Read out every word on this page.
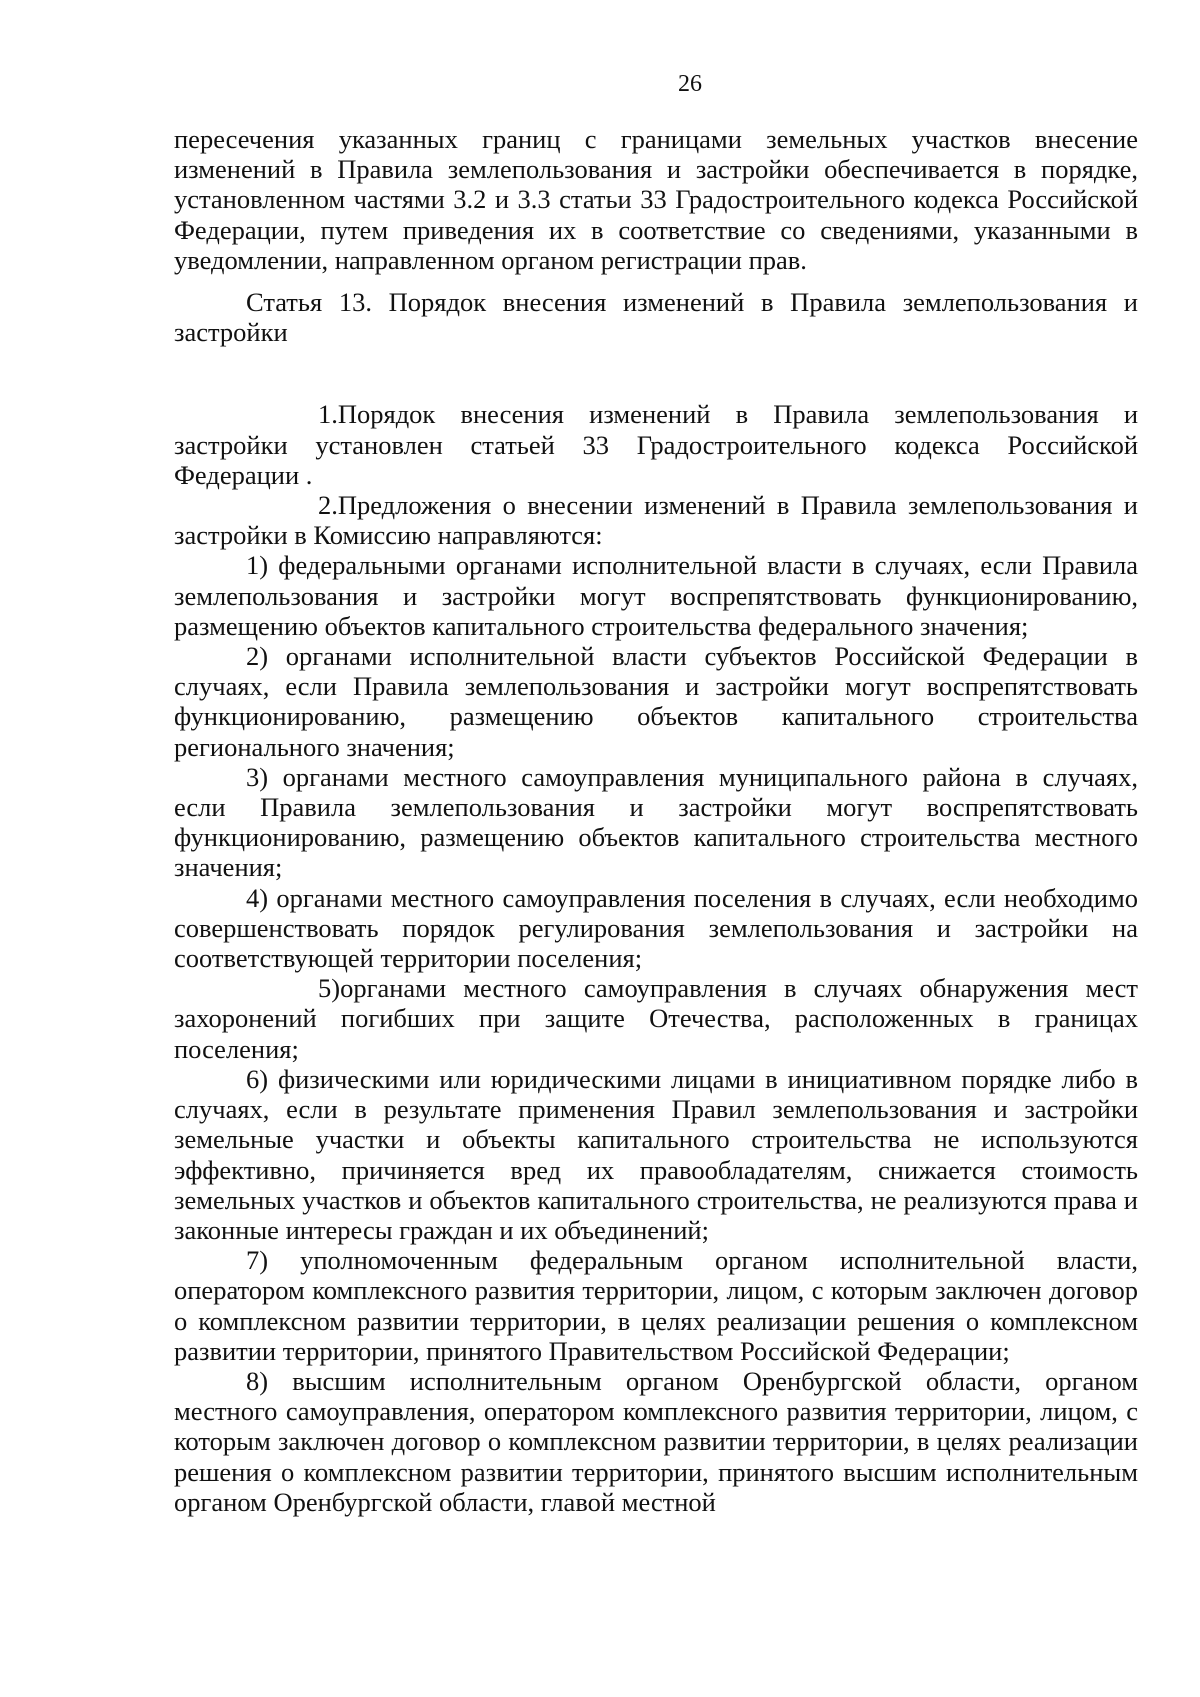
26

пересечения указанных границ с границами земельных участков внесение изменений в Правила землепользования и застройки обеспечивается в порядке, установленном частями 3.2 и 3.3 статьи 33 Градостроительного кодекса Российской Федерации, путем приведения их в соответствие со сведениями, указанными в уведомлении, направленном органом регистрации прав.

Статья 13. Порядок внесения изменений в Правила землепользования и застройки

1.Порядок внесения изменений в Правила землепользования и застройки установлен статьей 33 Градостроительного кодекса Российской Федерации .

2.Предложения о внесении изменений в Правила землепользования и застройки в Комиссию направляются:

1) федеральными органами исполнительной власти в случаях, если Правила землепользования и застройки могут воспрепятствовать функционированию, размещению объектов капитального строительства федерального значения;

2) органами исполнительной власти субъектов Российской Федерации в случаях, если Правила землепользования и застройки могут воспрепятствовать функционированию, размещению объектов капитального строительства регионального значения;

3) органами местного самоуправления муниципального района в случаях, если Правила землепользования и застройки могут воспрепятствовать функционированию, размещению объектов капитального строительства местного значения;

4) органами местного самоуправления поселения в случаях, если необходимо совершенствовать порядок регулирования землепользования и застройки на соответствующей территории поселения;

5)органами местного самоуправления в случаях обнаружения мест захоронений погибших при защите Отечества, расположенных в границах поселения;

6) физическими или юридическими лицами в инициативном порядке либо в случаях, если в результате применения Правил землепользования и застройки земельные участки и объекты капитального строительства не используются эффективно, причиняется вред их правообладателям, снижается стоимость земельных участков и объектов капитального строительства, не реализуются права и законные интересы граждан и их объединений;

7) уполномоченным федеральным органом исполнительной власти, оператором комплексного развития территории, лицом, с которым заключен договор о комплексном развитии территории, в целях реализации решения о комплексном развитии территории, принятого Правительством Российской Федерации;

8) высшим исполнительным органом Оренбургской области, органом местного самоуправления, оператором комплексного развития территории, лицом, с которым заключен договор о комплексном развитии территории, в целях реализации решения о комплексном развитии территории, принятого высшим исполнительным органом Оренбургской области, главой местной
